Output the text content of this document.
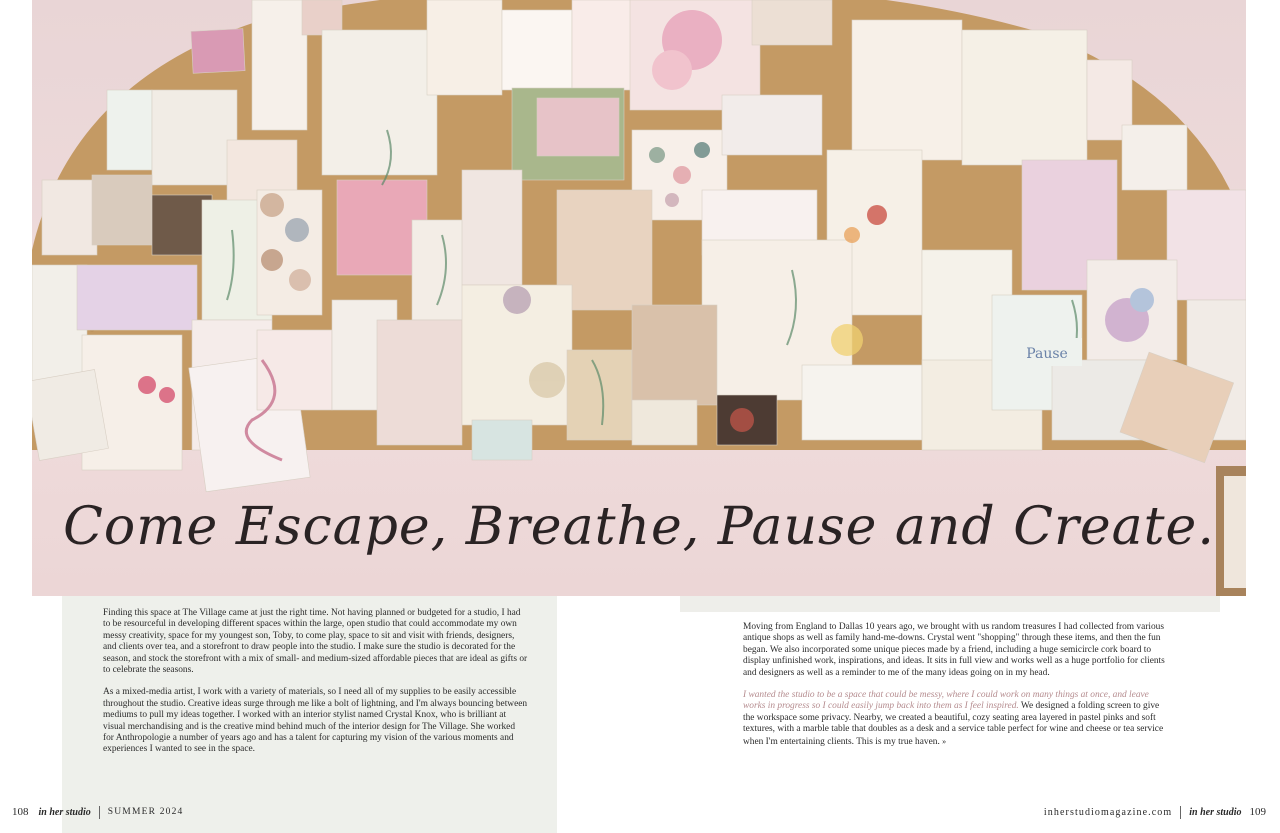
Pause
Come Escape, Breathe, Pause and Create.

Finding this space at The Village came at just the right time. Not having planned or budgeted for a studio, I had to be resourceful in developing different spaces within the large, open studio that could accommodate my own messy creativity, space for my youngest son, Toby, to come play, space to sit and visit with friends, designers, and clients over tea, and a storefront to draw people into the studio. I make sure the studio is decorated for the season, and stock the storefront with a mix of small- and medium-sized affordable pieces that are ideal as gifts or to celebrate the seasons.

As a mixed-media artist, I work with a variety of materials, so I need all of my supplies to be easily accessible throughout the studio. Creative ideas surge through me like a bolt of lightning, and I'm always bouncing between mediums to pull my ideas together. I worked with an interior stylist named Crystal Knox, who is brilliant at visual merchandising and is the creative mind behind much of the interior design for The Village. She worked for Anthropologie a number of years ago and has a talent for capturing my vision of the various moments and experiences I wanted to see in the space.

Moving from England to Dallas 10 years ago, we brought with us random treasures I had collected from various antique shops as well as family hand-me-downs. Crystal went "shopping" through these items, and then the fun began. We also incorporated some unique pieces made by a friend, including a huge semicircle cork board to display unfinished work, inspirations, and ideas. It sits in full view and works well as a huge portfolio for clients and designers as well as a reminder to me of the many ideas going on in my head.

I wanted the studio to be a space that could be messy, where I could work on many things at once, and leave works in progress so I could easily jump back into them as I feel inspired. We designed a folding screen to give the workspace some privacy. Nearby, we created a beautiful, cozy seating area layered in pastel pinks and soft textures, with a marble table that doubles as a desk and a service table perfect for wine and cheese or tea service when I'm entertaining clients. This is my true haven. »

108 in her studio SUMMER 2024	inherstudiomagazine.com in her studio 109
